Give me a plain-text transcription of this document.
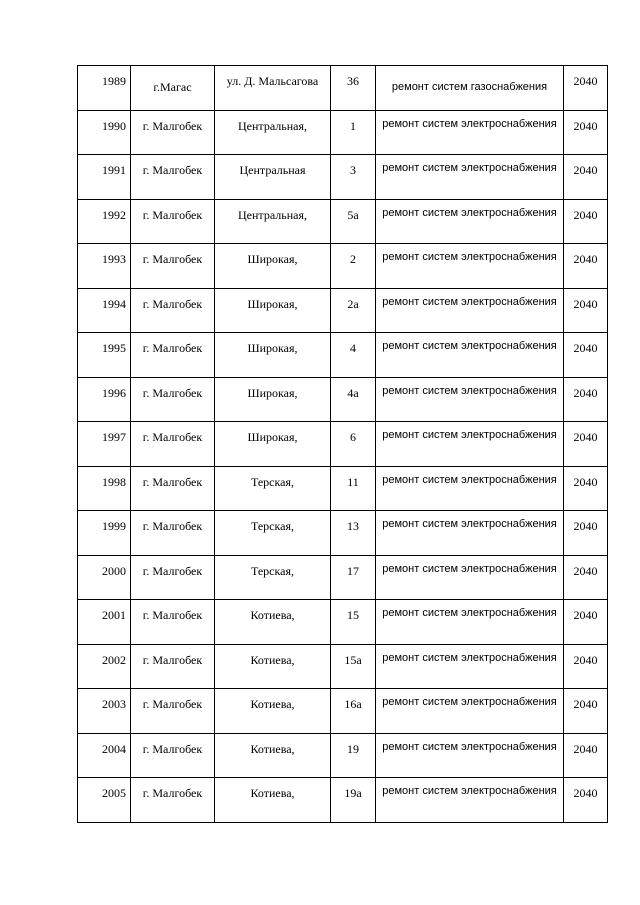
1989	г.Магас	ул. Д. Мальсагова	36	ремонт систем газоснабжения	2040
1990	г. Малгобек	Центральная,	1	ремонт систем электроснабжения	2040
1991	г. Малгобек	Центральная	3	ремонт систем электроснабжения	2040
1992	г. Малгобек	Центральная,	5а	ремонт систем электроснабжения	2040
1993	г. Малгобек	Широкая,	2	ремонт систем электроснабжения	2040
1994	г. Малгобек	Широкая,	2а	ремонт систем электроснабжения	2040
1995	г. Малгобек	Широкая,	4	ремонт систем электроснабжения	2040
1996	г. Малгобек	Широкая,	4а	ремонт систем электроснабжения	2040
1997	г. Малгобек	Широкая,	6	ремонт систем электроснабжения	2040
1998	г. Малгобек	Терская,	11	ремонт систем электроснабжения	2040
1999	г. Малгобек	Терская,	13	ремонт систем электроснабжения	2040
2000	г. Малгобек	Терская,	17	ремонт систем электроснабжения	2040
2001	г. Малгобек	Котиева,	15	ремонт систем электроснабжения	2040
2002	г. Малгобек	Котиева,	15а	ремонт систем электроснабжения	2040
2003	г. Малгобек	Котиева,	16а	ремонт систем электроснабжения	2040
2004	г. Малгобек	Котиева,	19	ремонт систем электроснабжения	2040
2005	г. Малгобек	Котиева,	19а	ремонт систем электроснабжения	2040
